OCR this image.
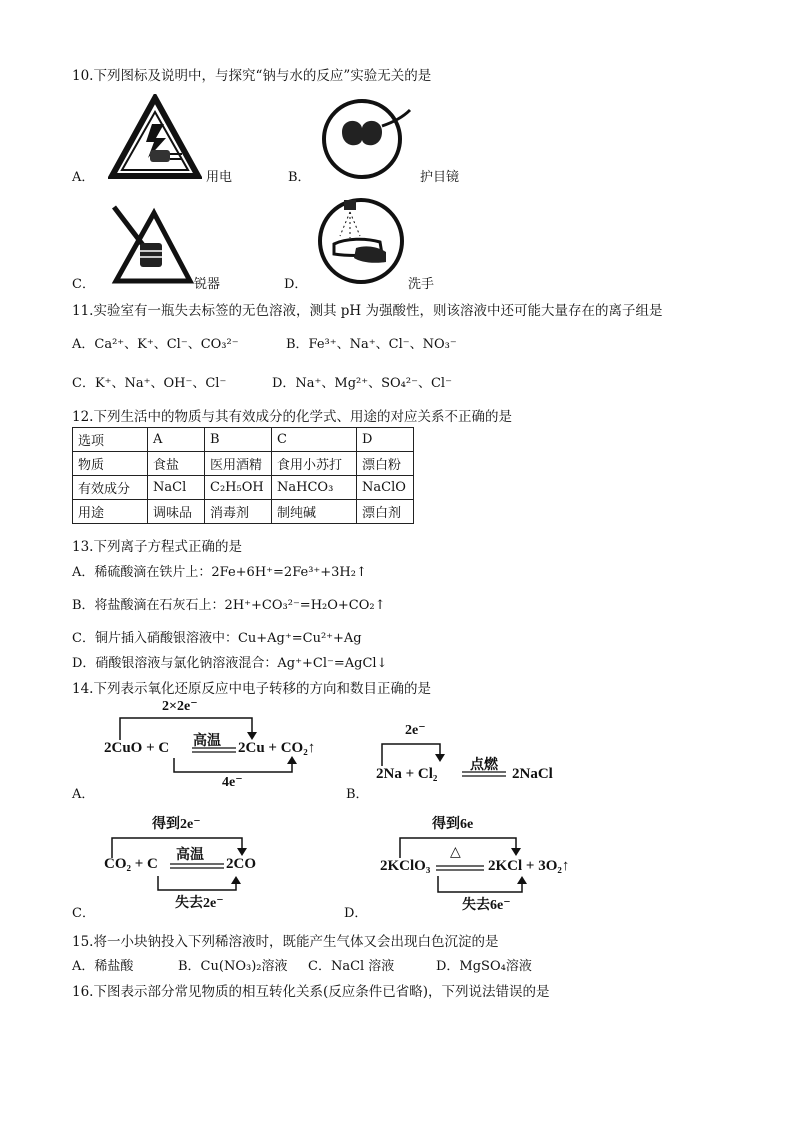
10.下列图标及说明中，与探究“钠与水的反应”实验无关的是
A．	用电	B．	护目镜
C．	锐器	D．	洗手
11.实验室有一瓶失去标签的无色溶液，测其 pH 为强酸性，则该溶液中还可能大量存在的离子组是
A．Ca²⁺、K⁺、Cl⁻、CO₃²⁻	B．Fe³⁺、Na⁺、Cl⁻、NO₃⁻
C．K⁺、Na⁺、OH⁻、Cl⁻	D．Na⁺、Mg²⁺、SO₄²⁻、Cl⁻
12.下列生活中的物质与其有效成分的化学式、用途的对应关系不正确的是
选项	A	B	C	D
物质	食盐	医用酒精	食用小苏打	漂白粉
有效成分	NaCl	C₂H₅OH	NaHCO₃	NaClO
用途	调味品	消毒剂	制纯碱	漂白剂
13.下列离子方程式正确的是
A．稀硫酸滴在铁片上：2Fe+6H⁺=2Fe³⁺+3H₂↑
B．将盐酸滴在石灰石上：2H⁺+CO₃²⁻=H₂O+CO₂↑
C．铜片插入硝酸银溶液中：Cu+Ag⁺=Cu²⁺+Ag
D．硝酸银溶液与氯化钠溶液混合：Ag⁺+Cl⁻=AgCl↓
14.下列表示氧化还原反应中电子转移的方向和数目正确的是
A．
2×2e⁻
2CuO + C 高温 2Cu + CO₂↑
4e⁻
B．
2e⁻
2Na + Cl₂
点燃
2NaCl
C．
得到2e⁻
CO₂ + C
高温
2CO
失去2e⁻
D．
得到6e
2KClO₃
△
2KCl + 3O₂↑
失去6e⁻
15.将一小块钠投入下列稀溶液时，既能产生气体又会出现白色沉淀的是
A．稀盐酸	B．Cu(NO₃)₂溶液 C．NaCl 溶液	D．MgSO₄溶液
16.下图表示部分常见物质的相互转化关系(反应条件已省略)，下列说法错误的是
